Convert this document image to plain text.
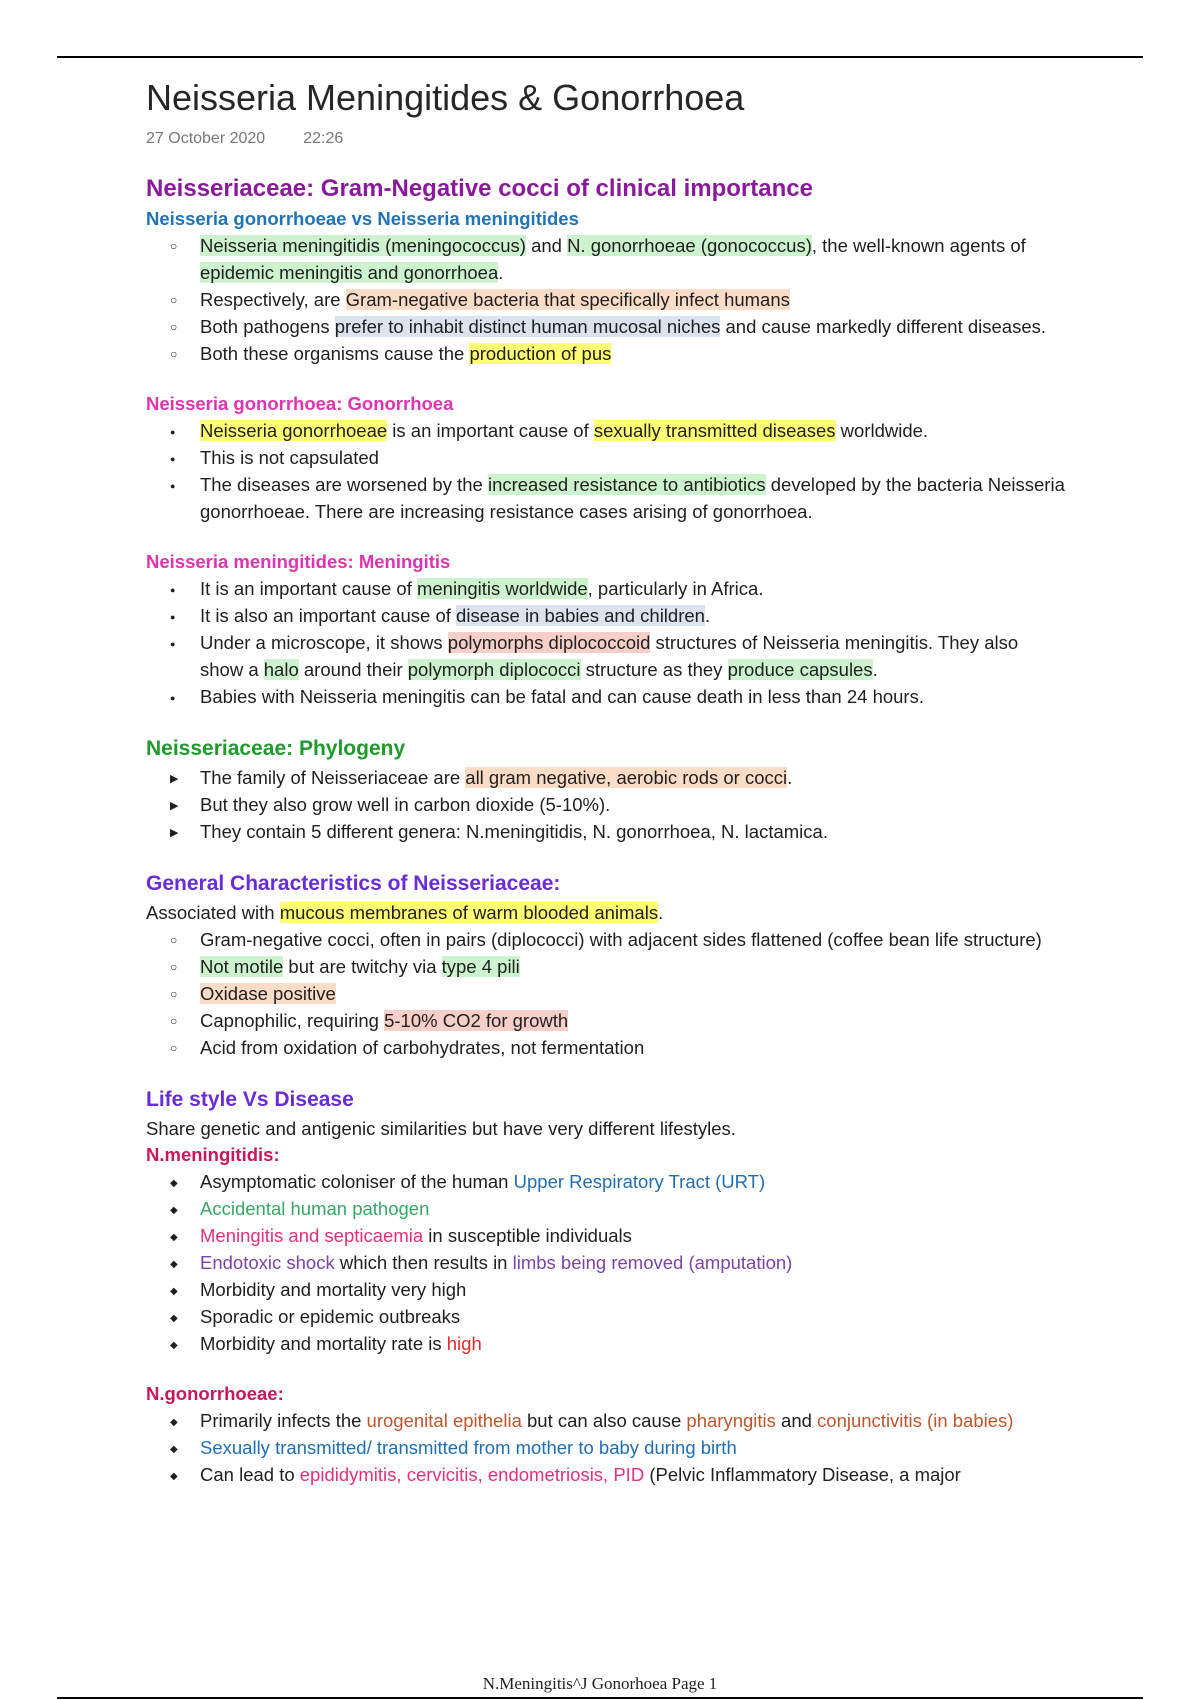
Neisseria Meningitides & Gonorrhoea
27 October 2020 22:26
Neisseriaceae: Gram-Negative cocci of clinical importance
Neisseria gonorrhoeae vs Neisseria meningitides
○
Neisseria meningitidis (meningococcus) and N. gonorrhoeae (gonococcus), the well-known agents of epidemic meningitis and gonorrhoea.
○
Respectively, are Gram-negative bacteria that specifically infect humans
○
Both pathogens prefer to inhabit distinct human mucosal niches and cause markedly different diseases.
○
Both these organisms cause the production of pus
Neisseria gonorrhoea: Gonorrhoea
●
Neisseria gonorrhoeae is an important cause of sexually transmitted diseases worldwide.
●
This is not capsulated
●
The diseases are worsened by the increased resistance to antibiotics developed by the bacteria Neisseria gonorrhoeae. There are increasing resistance cases arising of gonorrhoea.
Neisseria meningitides: Meningitis
●
It is an important cause of meningitis worldwide, particularly in Africa.
●
It is also an important cause of disease in babies and children.
●
Under a microscope, it shows polymorphs diplococcoid structures of Neisseria meningitis. They also show a halo around their polymorph diplococci structure as they produce capsules.
●
Babies with Neisseria meningitis can be fatal and can cause death in less than 24 hours.
Neisseriaceae: Phylogeny
▶
The family of Neisseriaceae are all gram negative, aerobic rods or cocci.
▶
But they also grow well in carbon dioxide (5-10%).
▶
They contain 5 different genera: N.meningitidis, N. gonorrhoea, N. lactamica.
General Characteristics of Neisseriaceae:
Associated with mucous membranes of warm blooded animals.
○
Gram-negative cocci, often in pairs (diplococci) with adjacent sides flattened (coffee bean life structure)
○
Not motile but are twitchy via type 4 pili
○
Oxidase positive
○
Capnophilic, requiring 5-10% CO2 for growth
○
Acid from oxidation of carbohydrates, not fermentation
Life style Vs Disease
Share genetic and antigenic similarities but have very different lifestyles.
N.meningitidis:
◆
Asymptomatic coloniser of the human Upper Respiratory Tract (URT)
◆
Accidental human pathogen
◆
Meningitis and septicaemia in susceptible individuals
◆
Endotoxic shock which then results in limbs being removed (amputation)
◆
Morbidity and mortality very high
◆
Sporadic or epidemic outbreaks
◆
Morbidity and mortality rate is high
N.gonorrhoeae:
◆
Primarily infects the urogenital epithelia but can also cause pharyngitis and conjunctivitis (in babies)
◆
Sexually transmitted/ transmitted from mother to baby during birth
◆
Can lead to epididymitis, cervicitis, endometriosis, PID (Pelvic Inflammatory Disease, a major
N.Meningitis^J Gonorhoea Page 1
